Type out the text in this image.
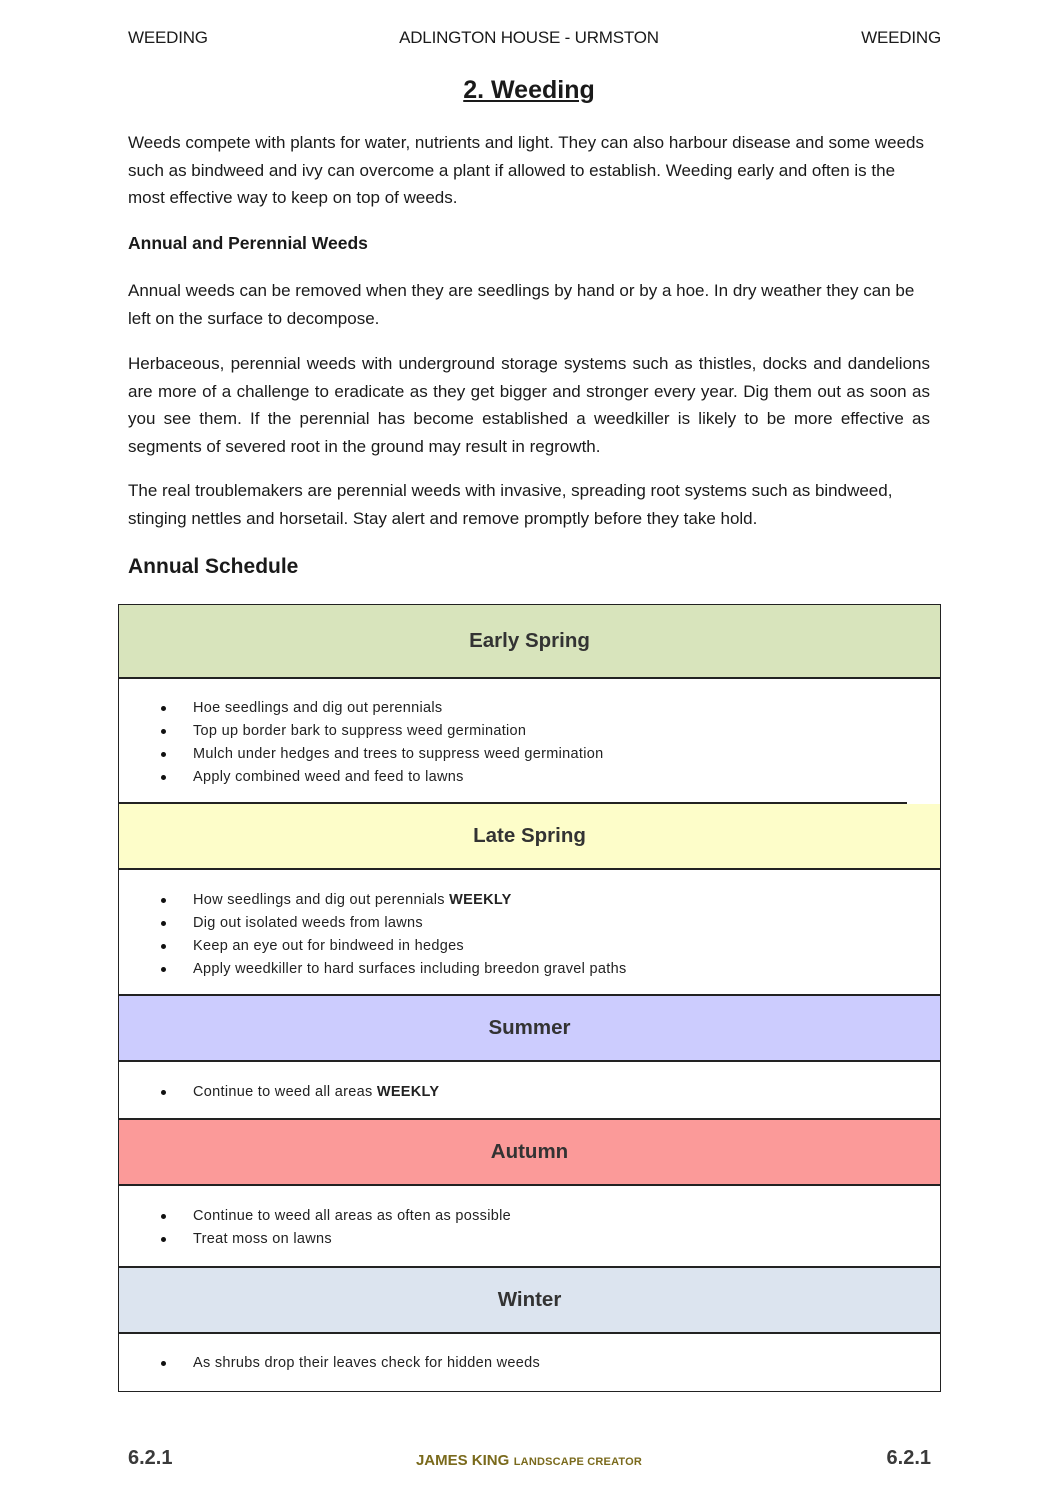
WEEDING	ADLINGTON HOUSE - URMSTON	WEEDING
2. Weeding
Weeds compete with plants for water, nutrients and light. They can also harbour disease and some weeds such as bindweed and ivy can overcome a plant if allowed to establish. Weeding early and often is the most effective way to keep on top of weeds.
Annual and Perennial Weeds
Annual weeds can be removed when they are seedlings by hand or by a hoe. In dry weather they can be left on the surface to decompose.
Herbaceous, perennial weeds with underground storage systems such as thistles, docks and dandelions are more of a challenge to eradicate as they get bigger and stronger every year. Dig them out as soon as you see them. If the perennial has become established a weedkiller is likely to be more effective as segments of severed root in the ground may result in regrowth.
The real troublemakers are perennial weeds with invasive, spreading root systems such as bindweed, stinging nettles and horsetail. Stay alert and remove promptly before they take hold.
Annual Schedule
Early Spring
Hoe seedlings and dig out perennials
Top up border bark to suppress weed germination
Mulch under hedges and trees to suppress weed germination
Apply combined weed and feed to lawns
Late Spring
How seedlings and dig out perennials WEEKLY
Dig out isolated weeds from lawns
Keep an eye out for bindweed in hedges
Apply weedkiller to hard surfaces including breedon gravel paths
Summer
Continue to weed all areas WEEKLY
Autumn
Continue to weed all areas as often as possible
Treat moss on lawns
Winter
As shrubs drop their leaves check for hidden weeds
6.2.1	JAMES KING LANDSCAPE CREATOR	6.2.1
